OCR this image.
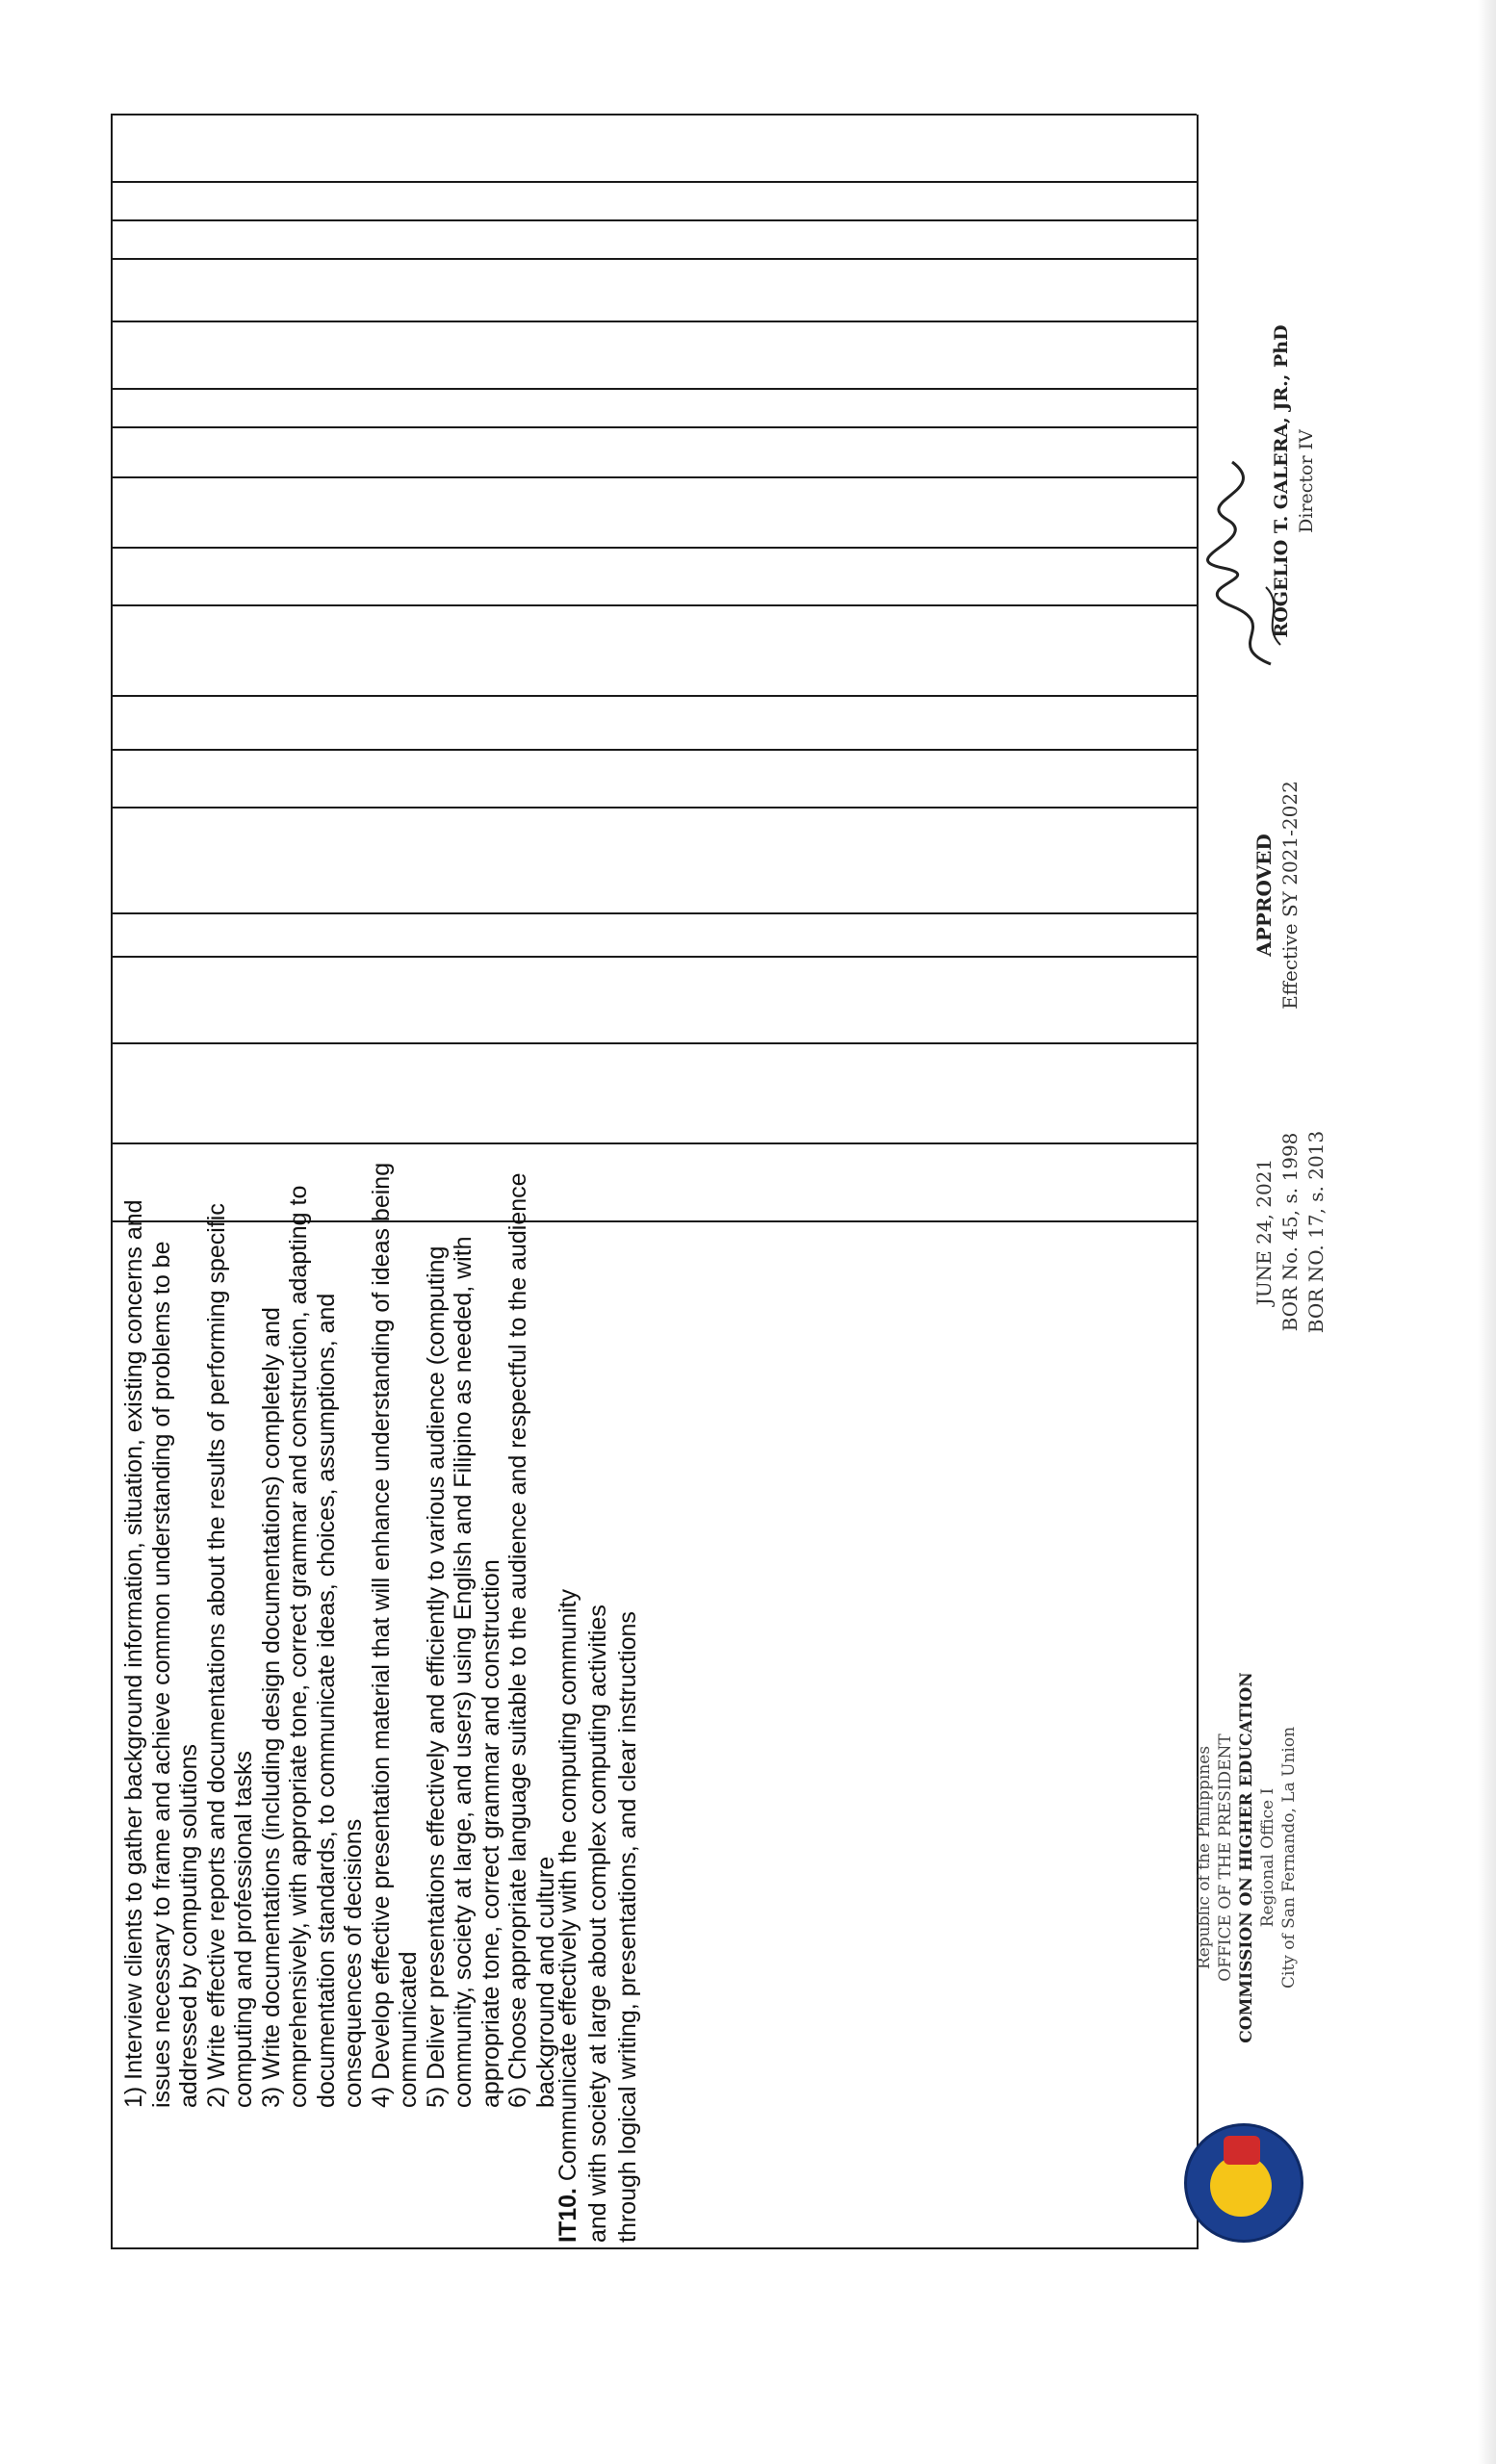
IT10. Communicate effectively with the computing community and with society at large about complex computing activities through logical writing, presentations, and clear instructions
1) Interview clients to gather background information, situation, existing concerns and issues necessary to frame and achieve common understanding of problems to be addressed by computing solutions
2) Write effective reports and documentations about the results of performing specific computing and professional tasks
3) Write documentations (including design documentations) completely and comprehensively, with appropriate tone, correct grammar and construction, adapting to documentation standards, to communicate ideas, choices, assumptions, and consequences of decisions
4) Develop effective presentation material that will enhance understanding of ideas being communicated
5) Deliver presentations effectively and efficiently to various audience (computing community, society at large, and users) using English and Filipino as needed, with appropriate tone, correct grammar and construction
6) Choose appropriate language suitable to the audience and respectful to the audience background and culture	Republic of the Philippines OFFICE OF THE PRESIDENT COMMISSION ON HIGHER EDUCATION Regional Office I City of San Fernando, La Union
JUNE 24, 2021 BOR No. 45, s. 1998 BOR NO. 17, s. 2013
APPROVED Effective SY 2021-2022
ROGELIO T. GALERA, JR., PhD Director IV
